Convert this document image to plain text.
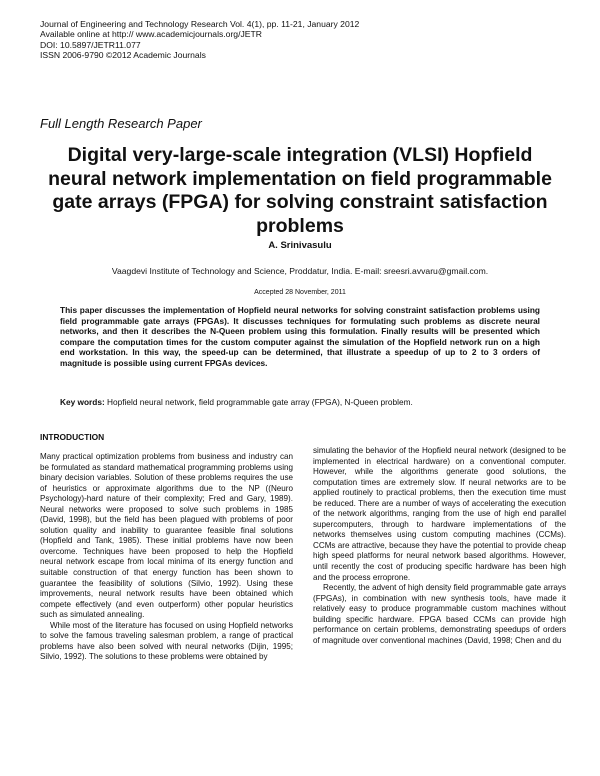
Journal of Engineering and Technology Research Vol. 4(1), pp. 11-21, January 2012
Available online at http:// www.academicjournals.org/JETR
DOI: 10.5897/JETR11.077
ISSN 2006-9790 ©2012 Academic Journals
Full Length Research Paper
Digital very-large-scale integration (VLSI) Hopfield neural network implementation on field programmable gate arrays (FPGA) for solving constraint satisfaction problems
A. Srinivasulu
Vaagdevi Institute of Technology and Science, Proddatur, India. E-mail: sreesri.avvaru@gmail.com.
Accepted 28 November, 2011
This paper discusses the implementation of Hopfield neural networks for solving constraint satisfaction problems using field programmable gate arrays (FPGAs). It discusses techniques for formulating such problems as discrete neural networks, and then it describes the N-Queen problem using this formulation. Finally results will be presented which compare the computation times for the custom computer against the simulation of the Hopfield network run on a high end workstation. In this way, the speed-up can be determined, that illustrate a speedup of up to 2 to 3 orders of magnitude is possible using current FPGAs devices.
Key words: Hopfield neural network, field programmable gate array (FPGA), N-Queen problem.
INTRODUCTION

Many practical optimization problems from business and industry can be formulated as standard mathematical programming problems using binary decision variables. Solution of these problems requires the use of heuristics or approximate algorithms due to the NP ((Neuro Psychology)-hard nature of their complexity; Fred and Gary, 1989). Neural networks were proposed to solve such problems in 1985 (David, 1998), but the field has been plagued with problems of poor solution quality and inability to guarantee feasible final solutions (Hopfield and Tank, 1985). These initial problems have now been overcome. Techniques have been proposed to help the Hopfield neural network escape from local minima of its energy function and suitable construction of that energy function has been shown to guarantee the feasibility of solutions (Silvio, 1992). Using these improvements, neural network results have been obtained which compete effectively (and even outperform) other popular heuristics such as simulated annealing.

While most of the literature has focused on using Hopfield networks to solve the famous traveling salesman problem, a range of practical problems have also been solved with neural networks (Dijin, 1995; Silvio, 1992). The solutions to these problems were obtained by

simulating the behavior of the Hopfield neural network (designed to be implemented in electrical hardware) on a conventional computer. However, while the algorithms generate good solutions, the computation times are extremely slow. If neural networks are to be applied routinely to practical problems, then the execution time must be reduced. There are a number of ways of accelerating the execution of the network algorithms, ranging from the use of high end parallel supercomputers, through to hardware implementations of the networks themselves using custom computing machines (CCMs). CCMs are attractive, because they have the potential to provide cheap high speed platforms for neural network based algorithms. However, until recently the cost of producing specific hardware has been high and the process erroprone.

Recently, the advent of high density field programmable gate arrays (FPGAs), in combination with new synthesis tools, have made it relatively easy to produce programmable custom machines without building specific hardware. FPGA based CCMs can provide high performance on certain problems, demonstrating speedups of orders of magnitude over conventional machines (David, 1998; Chen and du
